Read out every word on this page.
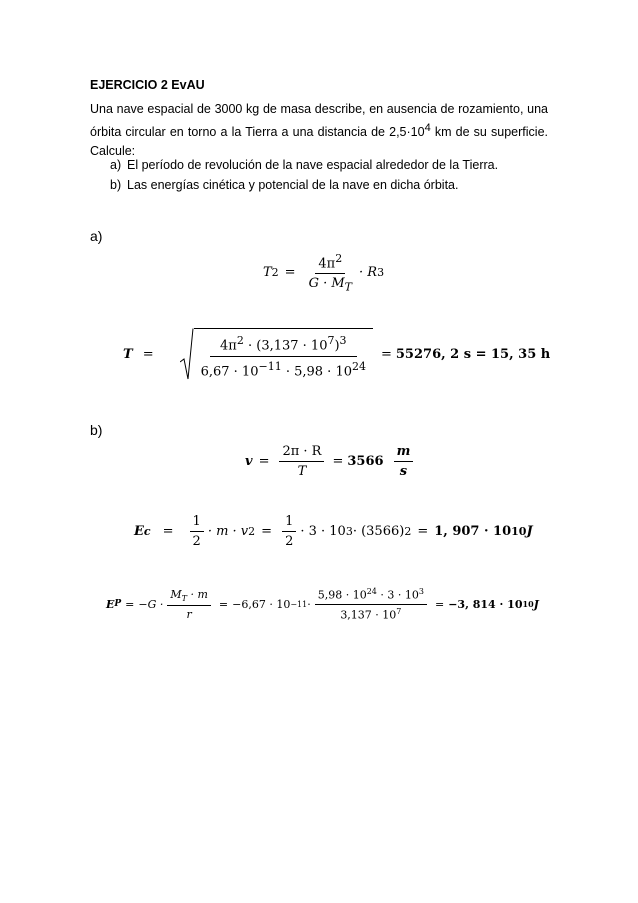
EJERCICIO 2 EvAU
Una nave espacial de 3000 kg de masa describe, en ausencia de rozamiento, una
órbita circular en torno a la Tierra a una distancia de $2,5\cdot 10^4$ km de su superficie.
Calcule:
a) El período de revolución de la nave espacial alrededor de la Tierra.
b) Las energías cinética y potencial de la nave en dicha órbita.
a)
T $2 = \frac{4\pi^2}{G \cdot M_T} \cdot R$ 3
T =	$\frac{4\pi^2 \cdot (3,137 \cdot 10^7)^3}{6,67 \cdot 10^{-11} \cdot 5,98 \cdot 10^{24}} = 55276$, 2 s = 15, 35 h
b)
$v = \frac{2\pi \cdot R}{T} = 3566 \frac{m}{s}$
E $c = \frac{1}{2} \cdot m \cdot v$ $2 = \frac{1}{2} \cdot 3 \cdot 10$ 3 · (3566) 2 = 1, 907 · 10 10 J
E $P = -G \cdot \frac{M_T \cdot m}{r} = -6,67 \cdot 10 -11 \cdot \frac{5,98 \cdot 10^{24} \cdot 3 \cdot 10^3}{3,137 \cdot 10^7} = -3$, 814 · 10 10 J
